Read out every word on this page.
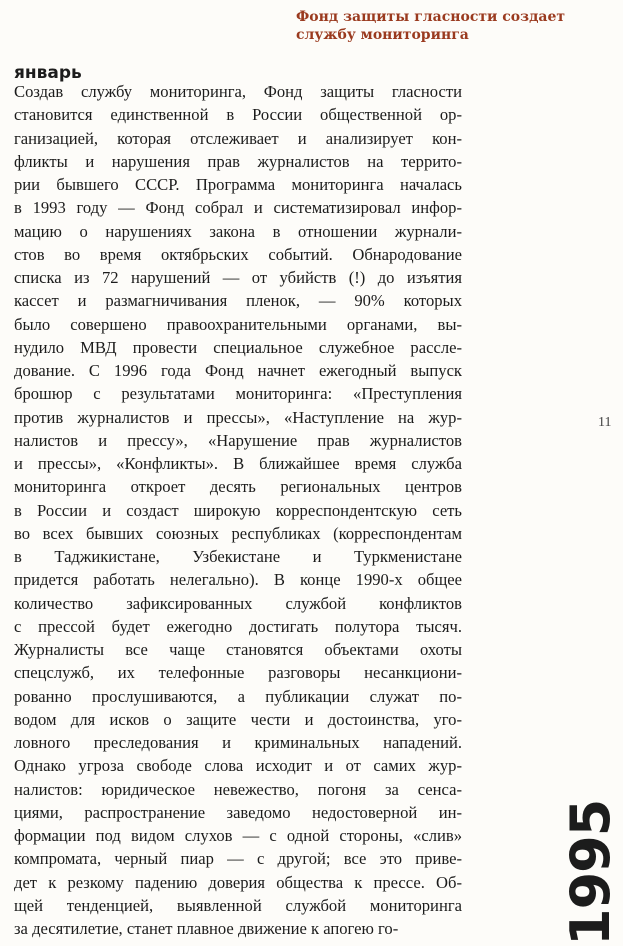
Фонд защиты гласности создает
службу мониторинга
январь
Создав службу мониторинга, Фонд защиты гласности
становится единственной в России общественной ор-
ганизацией, которая отслеживает и анализирует кон-
фликты и нарушения прав журналистов на террито-
рии бывшего СССР. Программа мониторинга началась
в 1993 году — Фонд собрал и систематизировал инфор-
мацию о нарушениях закона в отношении журнали-
стов во время октябрьских событий. Обнародование
списка из 72 нарушений — от убийств (!) до изъятия
кассет и размагничивания пленок, — 90% которых
было совершено правоохранительными органами, вы-
нудило МВД провести специальное служебное рассле-
дование. С 1996 года Фонд начнет ежегодный выпуск
брошюр с результатами мониторинга: «Преступления
против журналистов и прессы», «Наступление на жур-
налистов и прессу», «Нарушение прав журналистов
и прессы», «Конфликты». В ближайшее время служба
мониторинга откроет десять региональных центров
в России и создаст широкую корреспондентскую сеть
во всех бывших союзных республиках (корреспондентам
в Таджикистане, Узбекистане и Туркменистане
придется работать нелегально). В конце 1990-х общее
количество зафиксированных службой конфликтов
с прессой будет ежегодно достигать полутора тысяч.
Журналисты все чаще становятся объектами охоты
спецслужб, их телефонные разговоры несанкциони-
рованно прослушиваются, а публикации служат по-
водом для исков о защите чести и достоинства, уго-
ловного преследования и криминальных нападений.
Однако угроза свободе слова исходит и от самих жур-
налистов: юридическое невежество, погоня за сенса-
циями, распространение заведомо недостоверной ин-
формации под видом слухов — с одной стороны, «слив»
компромата, черный пиар — с другой; все это приве-
дет к резкому падению доверия общества к прессе. Об-
щей тенденцией, выявленной службой мониторинга
за десятилетие, станет плавное движение к апогею го-
11
1995
